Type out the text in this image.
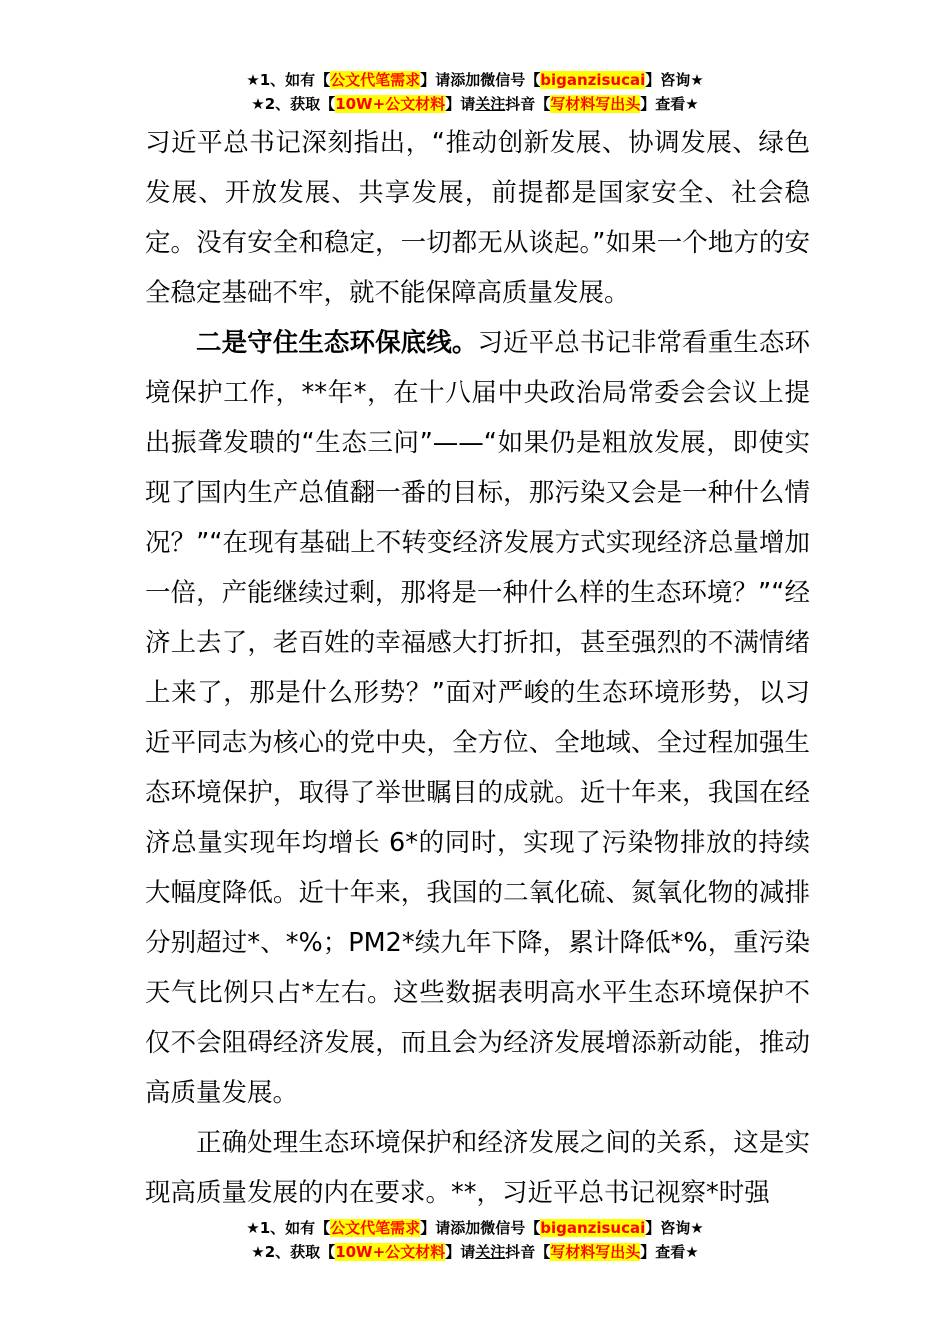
★1、如有【公文代笔需求】请添加微信号【biganzisucai】咨询★
★2、获取【10W+公文材料】请关注抖音【写材料写出头】查看★

习近平总书记深刻指出，“推动创新发展、协调发展、绿色发展、开放发展、共享发展，前提都是国家安全、社会稳定。没有安全和稳定，一切都无从谈起。”如果一个地方的安全稳定基础不牢，就不能保障高质量发展。

二是守住生态环保底线。习近平总书记非常看重生态环境保护工作，**年*，在十八届中央政治局常委会会议上提出振聋发聩的“生态三问”——“如果仍是粗放发展，即使实现了国内生产总值翻一番的目标，那污染又会是一种什么情况？”“在现有基础上不转变经济发展方式实现经济总量增加一倍，产能继续过剩，那将是一种什么样的生态环境？”“经济上去了，老百姓的幸福感大打折扣，甚至强烈的不满情绪上来了，那是什么形势？”面对严峻的生态环境形势，以习近平同志为核心的党中央，全方位、全地域、全过程加强生态环境保护，取得了举世瞩目的成就。近十年来，我国在经济总量实现年均增长 6*的同时，实现了污染物排放的持续大幅度降低。近十年来，我国的二氧化硫、氮氧化物的减排分别超过*、*%；PM2*续九年下降，累计降低*%，重污染天气比例只占*左右。这些数据表明高水平生态环境保护不仅不会阻碍经济发展，而且会为经济发展增添新动能，推动高质量发展。

正确处理生态环境保护和经济发展之间的关系，这是实现高质量发展的内在要求。**，习近平总书记视察*时强

★1、如有【公文代笔需求】请添加微信号【biganzisucai】咨询★
★2、获取【10W+公文材料】请关注抖音【写材料写出头】查看★
